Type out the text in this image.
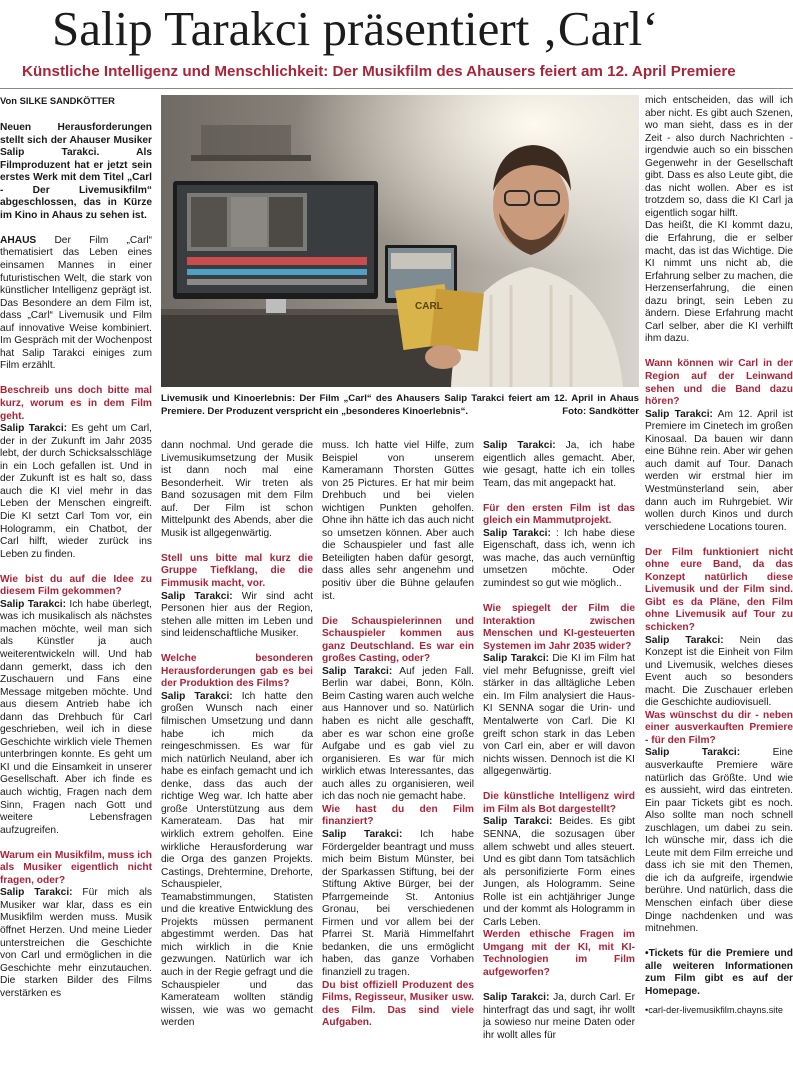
Salip Tarakci präsentiert ‚Carl‘
Künstliche Intelligenz und Menschlichkeit: Der Musikfilm des Ahausers feiert am 12. April Premiere
Von SILKE SANDKÖTTER

Neuen Herausforderungen stellt sich der Ahauser Musiker Salip Tarakci. Als Filmproduzent hat er jetzt sein erstes Werk mit dem Titel „Carl - Der Livemusikfilm“ abgeschlossen, das in Kürze im Kino in Ahaus zu sehen ist.

AHAUS Der Film „Carl“ thematisiert das Leben eines einsamen Mannes in einer futuristischen Welt, die stark von künstlicher Intelligenz geprägt ist. Das Besondere an dem Film ist, dass „Carl“ Livemusik und Film auf innovative Weise kombiniert. Im Gespräch mit der Wochenpost hat Salip Tarakci einiges zum Film erzählt.

Beschreib uns doch bitte mal kurz, worum es in dem Film geht.

Salip Tarakci: Es geht um Carl, der in der Zukunft im Jahr 2035 lebt, der durch Schicksalsschläge in ein Loch gefallen ist. Und in der Zukunft ist es halt so, dass auch die KI viel mehr in das Leben der Menschen eingreift. Die KI setzt Carl Tom vor, ein Hologramm, ein Chatbot, der Carl hilft, wieder zurück ins Leben zu finden.

Wie bist du auf die Idee zu diesem Film gekommen?

Salip Tarakci: Ich habe überlegt, was ich musikalisch als nächstes machen möchte, weil man sich als Künstler ja auch weiterentwickeln will. Und hab dann gemerkt, dass ich den Zuschauern und Fans eine Message mitgeben möchte. Und aus diesem Antrieb habe ich dann das Drehbuch für Carl geschrieben, weil ich in diese Geschichte wirklich viele Themen unterbringen konnte. Es geht um KI und die Einsamkeit in unserer Gesellschaft. Aber ich finde es auch wichtig, Fragen nach dem Sinn, Fragen nach Gott und weitere Lebensfragen aufzugreifen.

Warum ein Musikfilm, muss ich als Musiker eigentlich nicht fragen, oder?

Salip Tarakci: Für mich als Musiker war klar, dass es ein Musikfilm werden muss. Musik öffnet Herzen. Und meine Lieder unterstreichen die Geschichte von Carl und ermöglichen in die Geschichte mehr einzutauchen. Die starken Bilder des Films verstärken es

CARL
Livemusik und Kinoerlebnis: Der Film „Carl“ des Ahausers Salip Tarakci feiert am 12. April in Ahaus Premiere. Der Produzent verspricht ein „besonderes Kinoerlebnis“.	Foto: Sandkötter

dann nochmal. Und gerade die Livemusikumsetzung der Musik ist dann noch mal eine Besonderheit. Wir treten als Band sozusagen mit dem Film auf. Der Film ist schon Mittelpunkt des Abends, aber die Musik ist allgegenwärtig.

Stell uns bitte mal kurz die Gruppe Tiefklang, die die Fimmusik macht, vor.

Salip Tarakci: Wir sind acht Personen hier aus der Region, stehen alle mitten im Leben und sind leidenschaftliche Musiker.

Welche besonderen Herausforderungen gab es bei der Produktion des Films?

Salip Tarakci: Ich hatte den großen Wunsch nach einer filmischen Umsetzung und dann habe ich mich da reingeschmissen. Es war für mich natürlich Neuland, aber ich habe es einfach gemacht und ich denke, dass das auch der richtige Weg war. Ich hatte aber große Unterstützung aus dem Kamerateam. Das hat mir wirklich extrem geholfen. Eine wirkliche Herausforderung war die Orga des ganzen Projekts. Castings, Drehtermine, Drehorte, Schauspieler, Teamabstimmungen, Statisten und die kreative Entwicklung des Projekts müssen permanent abgestimmt werden. Das hat mich wirklich in die Knie gezwungen. Natürlich war ich auch in der Regie gefragt und die Schauspieler und das Kamerateam wollten ständig wissen, wie was wo gemacht werden

muss. Ich hatte viel Hilfe, zum Beispiel von unserem Kameramann Thorsten Güttes von 25 Pictures. Er hat mir beim Drehbuch und bei vielen wichtigen Punkten geholfen. Ohne ihn hätte ich das auch nicht so umsetzen können. Aber auch die Schauspieler und fast alle Beteiligten haben dafür gesorgt, dass alles sehr angenehm und positiv über die Bühne gelaufen ist.

Die Schauspielerinnen und Schauspieler kommen aus ganz Deutschland. Es war ein großes Casting, oder?

Salip Tarakci: Auf jeden Fall. Berlin war dabei, Bonn, Köln. Beim Casting waren auch welche aus Hannover und so. Natürlich haben es nicht alle geschafft, aber es war schon eine große Aufgabe und es gab viel zu organisieren. Es war für mich wirklich etwas Interessantes, das auch alles zu organisieren, weil ich das noch nie gemacht habe.

Wie hast du den Film finanziert?

Salip Tarakci: Ich habe Fördergelder beantragt und muss mich beim Bistum Münster, bei der Sparkassen Stiftung, bei der Stiftung Aktive Bürger, bei der Pfarrgemeinde St. Antonius Gronau, bei verschiedenen Firmen und vor allem bei der Pfarrei St. Mariä Himmelfahrt bedanken, die uns ermöglicht haben, das ganze Vorhaben finanziell zu tragen.

Du bist offiziell Produzent des Films, Regisseur, Musiker usw. des Film. Das sind viele Aufgaben.

Salip Tarakci: Ja, ich habe eigentlich alles gemacht. Aber, wie gesagt, hatte ich ein tolles Team, das mit angepackt hat.

Für den ersten Film ist das gleich ein Mammutprojekt.

Salip Tarakci: : Ich habe diese Eigenschaft, dass ich, wenn ich was mache, das auch vernünftig umsetzen möchte. Oder zumindest so gut wie möglich..

Wie spiegelt der Film die Interaktion zwischen Menschen und KI-gesteuerten Systemen im Jahr 2035 wider?

Salip Tarakci: Die KI im Film hat viel mehr Befugnisse, greift viel stärker in das alltägliche Leben ein. Im Film analysiert die Haus-KI SENNA sogar die Urin- und Mentalwerte von Carl. Die KI greift schon stark in das Leben von Carl ein, aber er will davon nichts wissen. Dennoch ist die KI allgegenwärtig.

Die künstliche Intelligenz wird im Film als Bot dargestellt?

Salip Tarakci: Beides. Es gibt SENNA, die sozusagen über allem schwebt und alles steuert. Und es gibt dann Tom tatsächlich als personifizierte Form eines Jungen, als Hologramm. Seine Rolle ist ein achtjähriger Junge und der kommt als Hologramm in Carls Leben.

Werden ethische Fragen im Umgang mit der KI, mit KI-Technologien im Film aufgeworfen?

Salip Tarakci: Ja, durch Carl. Er hinterfragt das und sagt, ihr wollt ja sowieso nur meine Daten oder ihr wollt alles für

mich entscheiden, das will ich aber nicht. Es gibt auch Szenen, wo man sieht, dass es in der Zeit - also durch Nachrichten - irgendwie auch so ein bisschen Gegenwehr in der Gesellschaft gibt. Dass es also Leute gibt, die das nicht wollen. Aber es ist trotzdem so, dass die KI Carl ja eigentlich sogar hilft.

Das heißt, die KI kommt dazu, die Erfahrung, die er selber macht, das ist das Wichtige. Die KI nimmt uns nicht ab, die Erfahrung selber zu machen, die Herzenserfahrung, die einen dazu bringt, sein Leben zu ändern. Diese Erfahrung macht Carl selber, aber die KI verhilft ihm dazu.

Wann können wir Carl in der Region auf der Leinwand sehen und die Band dazu hören?

Salip Tarakci: Am 12. April ist Premiere im Cinetech im großen Kinosaal. Da bauen wir dann eine Bühne rein. Aber wir gehen auch damit auf Tour. Danach werden wir erstmal hier im Westmünsterland sein, aber dann auch im Ruhrgebiet. Wir wollen durch Kinos und durch verschiedene Locations touren.

Der Film funktioniert nicht ohne eure Band, da das Konzept natürlich diese Livemusik und der Film sind. Gibt es da Pläne, den Film ohne Livemusik auf Tour zu schicken?

Salip Tarakci: Nein das Konzept ist die Einheit von Film und Livemusik, welches dieses Event auch so besonders macht. Die Zuschauer erleben die Geschichte audiovisuell.

Was wünschst du dir - neben einer ausverkauften Premiere - für den Film?

Salip Tarakci: Eine ausverkaufte Premiere wäre natürlich das Größte. Und wie es aussieht, wird das eintreten. Ein paar Tickets gibt es noch. Also sollte man noch schnell zuschlagen, um dabei zu sein. Ich wünsche mir, dass ich die Leute mit dem Film erreiche und dass ich sie mit den Themen, die ich da aufgreife, irgendwie berühre. Und natürlich, dass die Menschen einfach über diese Dinge nachdenken und was mitnehmen.

•Tickets für die Premiere und alle weiteren Informationen zum Film gibt es auf der Homepage.

•carl-der-livemusikfilm.chayns.site
